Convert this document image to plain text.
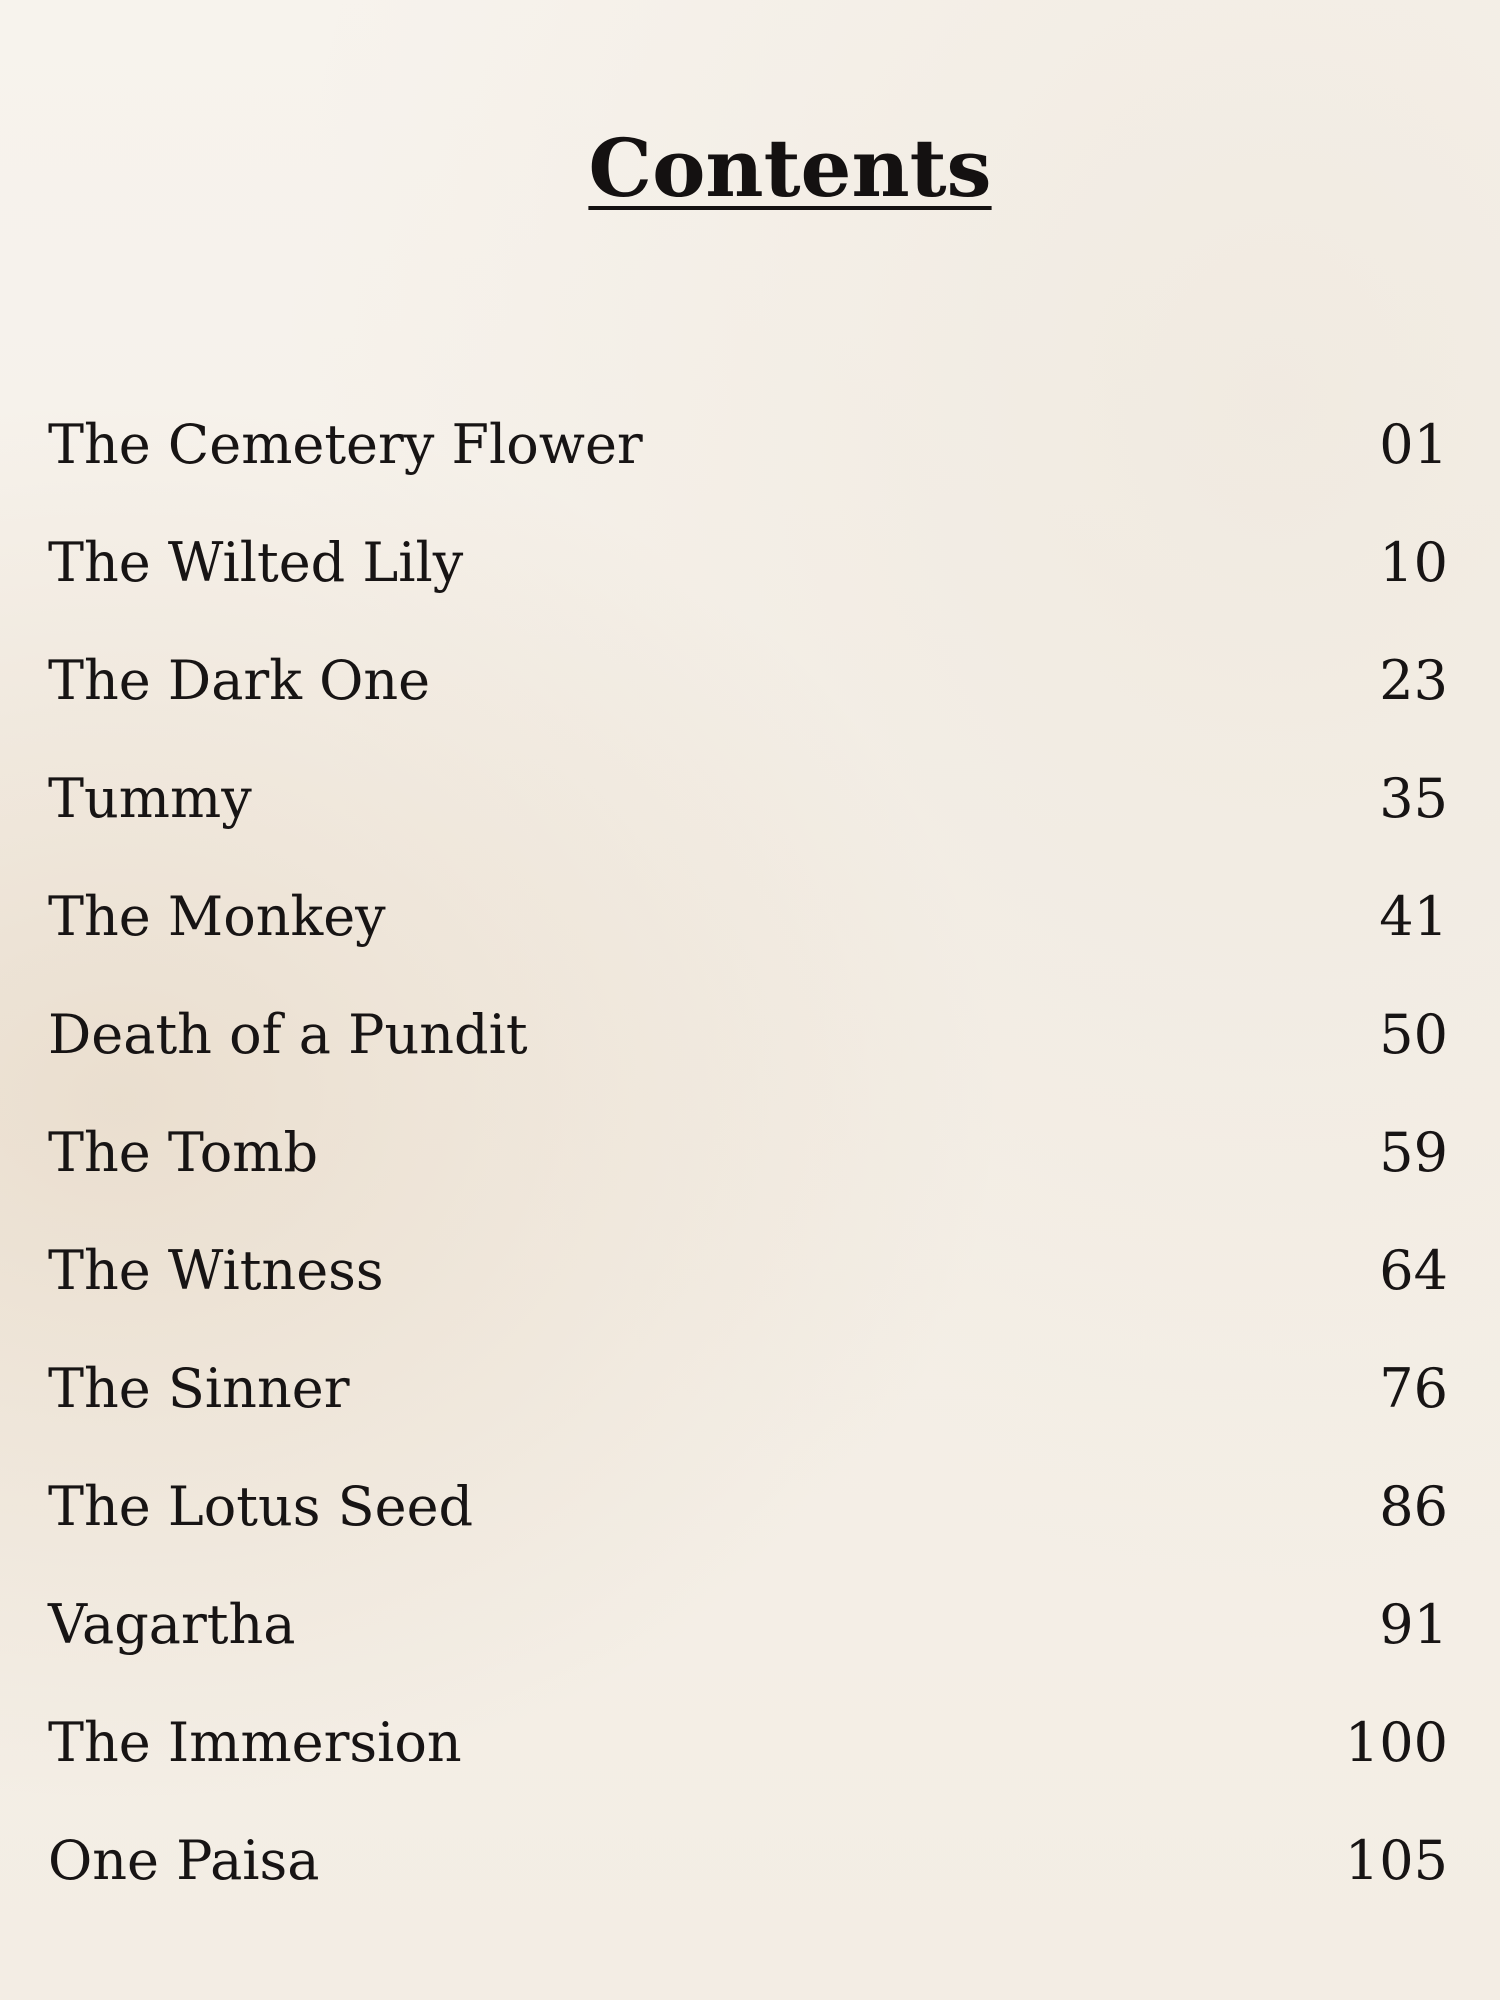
Contents
The Cemetery Flower	01
The Wilted Lily	10
The Dark One	23
Tummy	35
The Monkey	41
Death of a Pundit	50
The Tomb	59
The Witness	64
The Sinner	76
The Lotus Seed	86
Vagartha	91
The Immersion	100
One Paisa	105
